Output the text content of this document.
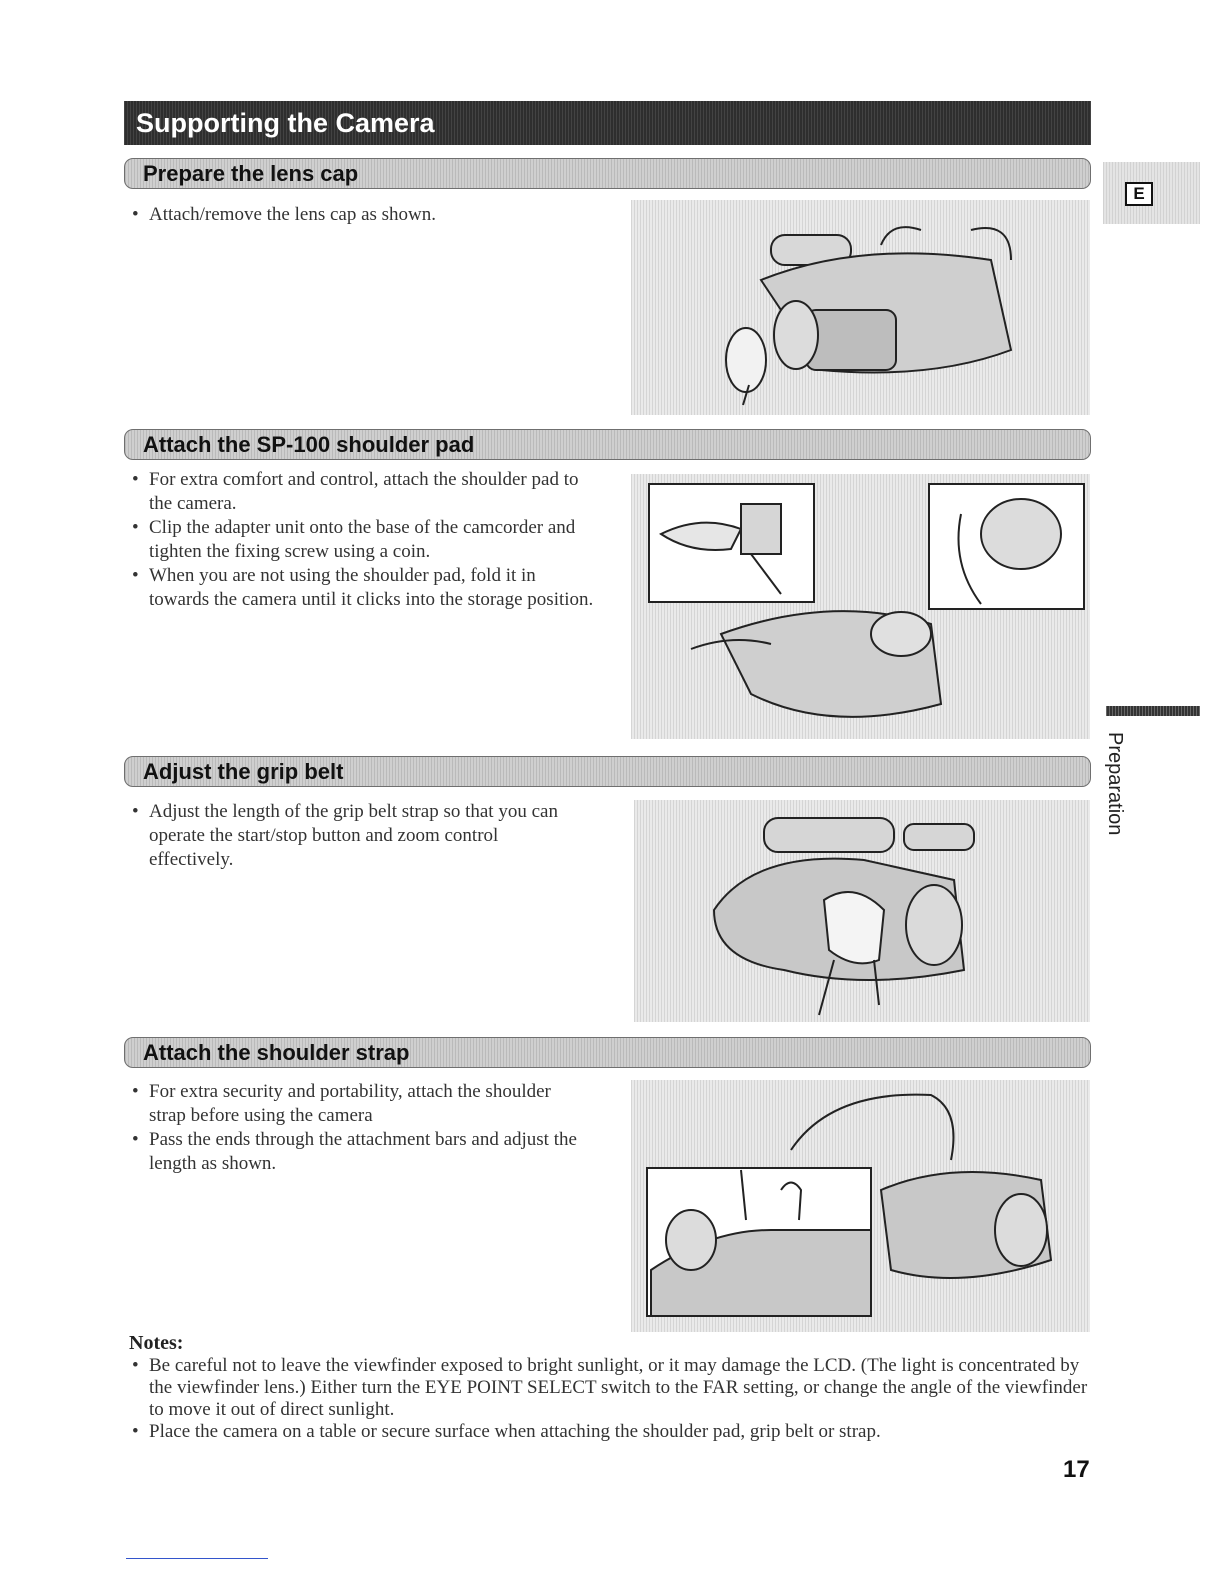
Supporting the Camera
E
Preparation
Prepare the lens cap
• Attach/remove the lens cap as shown.
Attach the SP-100 shoulder pad
• For extra comfort and control, attach the shoulder pad to the camera.
• Clip the adapter unit onto the base of the camcorder and tighten the fixing screw using a coin.
• When you are not using the shoulder pad, fold it in towards the camera until it clicks into the storage position.
Adjust the grip belt
• Adjust the length of the grip belt strap so that you can operate the start/stop button and zoom control effectively.
Attach the shoulder strap
• For extra security and portability, attach the shoulder strap before using the camera
• Pass the ends through the attachment bars and adjust the length as shown.
Notes:
• Be careful not to leave the viewfinder exposed to bright sunlight, or it may damage the LCD. (The light is concentrated by the viewfinder lens.) Either turn the EYE POINT SELECT switch to the FAR setting, or change the angle of the viewfinder to move it out of direct sunlight.
• Place the camera on a table or secure surface when attaching the shoulder pad, grip belt or strap.
17
